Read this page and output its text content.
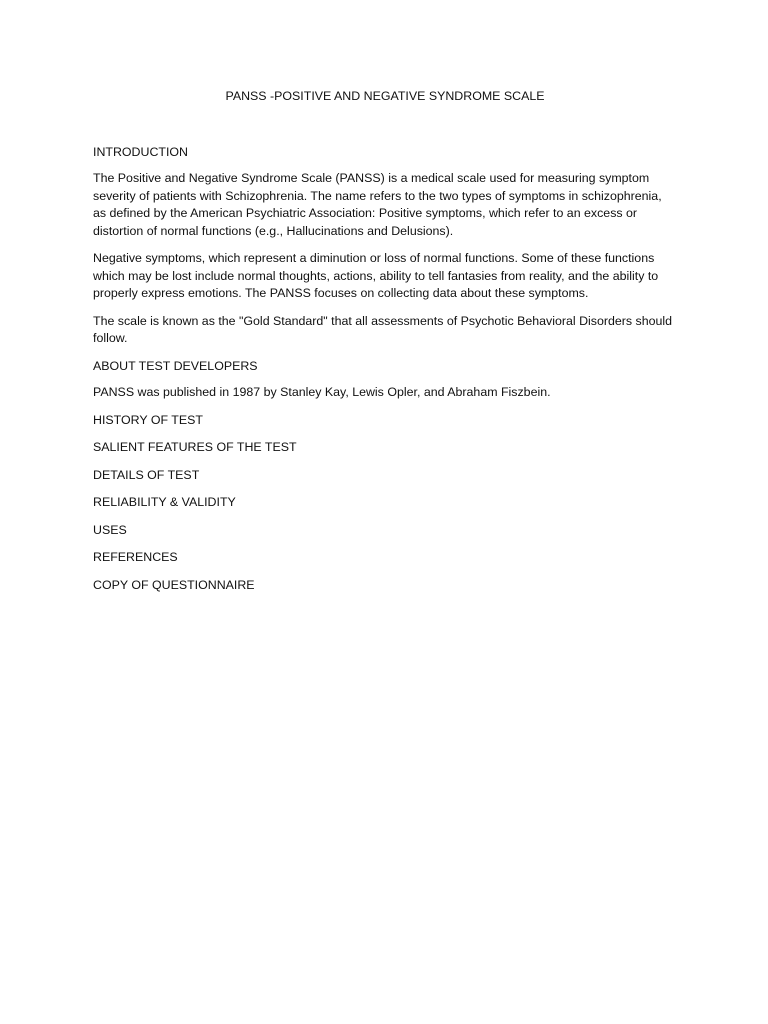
PANSS -POSITIVE AND NEGATIVE SYNDROME SCALE
INTRODUCTION
The Positive and Negative Syndrome Scale (PANSS) is a medical scale used for measuring symptom severity of patients with Schizophrenia. The name refers to the two types of symptoms in schizophrenia, as defined by the American Psychiatric Association: Positive symptoms, which refer to an excess or distortion of normal functions (e.g., Hallucinations and Delusions).
Negative symptoms, which represent a diminution or loss of normal functions. Some of these functions which may be lost include normal thoughts, actions, ability to tell fantasies from reality, and the ability to properly express emotions. The PANSS focuses on collecting data about these symptoms.
The scale is known as the "Gold Standard" that all assessments of Psychotic Behavioral Disorders should follow.
ABOUT TEST DEVELOPERS
PANSS was published in 1987 by Stanley Kay, Lewis Opler, and Abraham Fiszbein.
HISTORY OF TEST
SALIENT FEATURES OF THE TEST
DETAILS OF TEST
RELIABILITY & VALIDITY
USES
REFERENCES
COPY OF QUESTIONNAIRE
